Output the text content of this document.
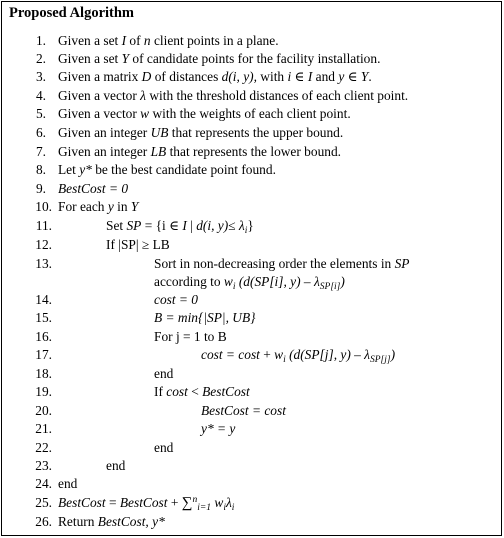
Proposed Algorithm
1. Given a set I of n client points in a plane.
2. Given a set Y of candidate points for the facility installation.
3. Given a matrix D of distances d(i, y), with i ∈ I and y ∈ Y.
4. Given a vector λ with the threshold distances of each client point.
5. Given a vector w with the weights of each client point.
6. Given an integer UB that represents the upper bound.
7. Given an integer LB that represents the lower bound.
8. Let y* be the best candidate point found.
9. BestCost = 0
10. For each y in Y
11.	Set SP = {i ∈ I | d(i, $y)\le \lambda_i$}
12.	If |SP| ≥ LB
13.	Sort in non-decreasing order the elements in SP
according to $w_i$ (d(SP[i], $y) - \lambda_{SP[i]}$)
14.	cost = 0
15.	B = min{|SP|, UB}
16.	For j = 1 to B
17.	$\cos t = \cos t + w_i$ (d(SP[j], $y) - \lambda_{SP[j]}$)
18.	end
19.	If cost < BestCost
20.	BestCost = cost
21.	y* = y
22.	end
23.	end
24. end
25. BestCost = BestCost + ∑$^n_{i=1}$ $w_i\lambda_i$
26. Return BestCost, y*
